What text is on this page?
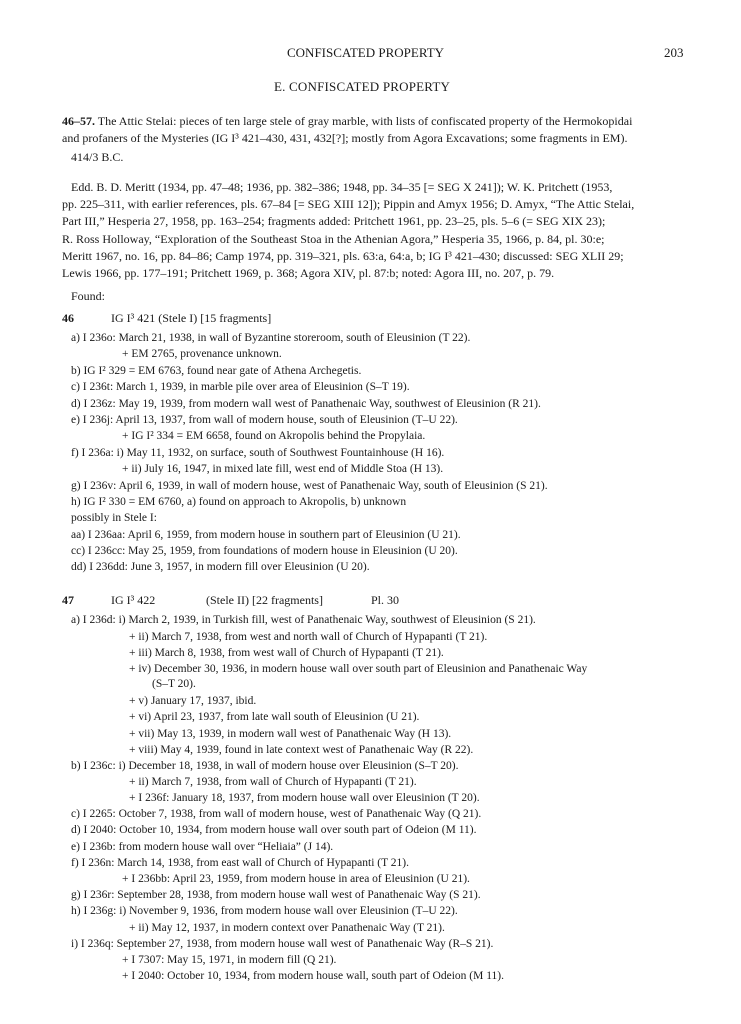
CONFISCATED PROPERTY	203
E. CONFISCATED PROPERTY
46–57. The Attic Stelai: pieces of ten large stele of gray marble, with lists of confiscated property of the Hermokopidai
and profaners of the Mysteries (IG I³ 421–430, 431, 432[?]; mostly from Agora Excavations; some fragments in EM).
414/3 B.C.
Edd. B. D. Meritt (1934, pp. 47–48; 1936, pp. 382–386; 1948, pp. 34–35 [= SEG X 241]); W. K. Pritchett (1953,
pp. 225–311, with earlier references, pls. 67–84 [= SEG XIII 12]); Pippin and Amyx 1956; D. Amyx, “The Attic Stelai,
Part III,” Hesperia 27, 1958, pp. 163–254; fragments added: Pritchett 1961, pp. 23–25, pls. 5–6 (= SEG XIX 23);
R. Ross Holloway, “Exploration of the Southeast Stoa in the Athenian Agora,” Hesperia 35, 1966, p. 84, pl. 30:e;
Meritt 1967, no. 16, pp. 84–86; Camp 1974, pp. 319–321, pls. 63:a, 64:a, b; IG I³ 421–430; discussed: SEG XLII 29;
Lewis 1966, pp. 177–191; Pritchett 1969, p. 368; Agora XIV, pl. 87:b; noted: Agora III, no. 207, p. 79.
Found:
46	IG I³ 421 (Stele I) [15 fragments]
a) I 236o: March 21, 1938, in wall of Byzantine storeroom, south of Eleusinion (T 22).
+ EM 2765, provenance unknown.
b) IG I² 329 = EM 6763, found near gate of Athena Archegetis.
c) I 236t: March 1, 1939, in marble pile over area of Eleusinion (S–T 19).
d) I 236z: May 19, 1939, from modern wall west of Panathenaic Way, southwest of Eleusinion (R 21).
e) I 236j: April 13, 1937, from wall of modern house, south of Eleusinion (T–U 22).
+ IG I² 334 = EM 6658, found on Akropolis behind the Propylaia.
f) I 236a: i) May 11, 1932, on surface, south of Southwest Fountainhouse (H 16).
+ ii) July 16, 1947, in mixed late fill, west end of Middle Stoa (H 13).
g) I 236v: April 6, 1939, in wall of modern house, west of Panathenaic Way, south of Eleusinion (S 21).
h) IG I² 330 = EM 6760, a) found on approach to Akropolis, b) unknown
possibly in Stele I:
aa) I 236aa: April 6, 1959, from modern house in southern part of Eleusinion (U 21).
cc) I 236cc: May 25, 1959, from foundations of modern house in Eleusinion (U 20).
dd) I 236dd: June 3, 1957, in modern fill over Eleusinion (U 20).
47	IG I³ 422	(Stele II) [22 fragments]	Pl. 30
a) I 236d: i) March 2, 1939, in Turkish fill, west of Panathenaic Way, southwest of Eleusinion (S 21).
+ ii) March 7, 1938, from west and north wall of Church of Hypapanti (T 21).
+ iii) March 8, 1938, from west wall of Church of Hypapanti (T 21).
+ iv) December 30, 1936, in modern house wall over south part of Eleusinion and Panathenaic Way
(S–T 20).
+ v) January 17, 1937, ibid.
+ vi) April 23, 1937, from late wall south of Eleusinion (U 21).
+ vii) May 13, 1939, in modern wall west of Panathenaic Way (H 13).
+ viii) May 4, 1939, found in late context west of Panathenaic Way (R 22).
b) I 236c: i) December 18, 1938, in wall of modern house over Eleusinion (S–T 20).
+ ii) March 7, 1938, from wall of Church of Hypapanti (T 21).
+ I 236f: January 18, 1937, from modern house wall over Eleusinion (T 20).
c) I 2265: October 7, 1938, from wall of modern house, west of Panathenaic Way (Q 21).
d) I 2040: October 10, 1934, from modern house wall over south part of Odeion (M 11).
e) I 236b: from modern house wall over “Heliaia” (J 14).
f) I 236n: March 14, 1938, from east wall of Church of Hypapanti (T 21).
+ I 236bb: April 23, 1959, from modern house in area of Eleusinion (U 21).
g) I 236r: September 28, 1938, from modern house wall west of Panathenaic Way (S 21).
h) I 236g: i) November 9, 1936, from modern house wall over Eleusinion (T–U 22).
+ ii) May 12, 1937, in modern context over Panathenaic Way (T 21).
i) I 236q: September 27, 1938, from modern house wall west of Panathenaic Way (R–S 21).
+ I 7307: May 15, 1971, in modern fill (Q 21).
+ I 2040: October 10, 1934, from modern house wall, south part of Odeion (M 11).
